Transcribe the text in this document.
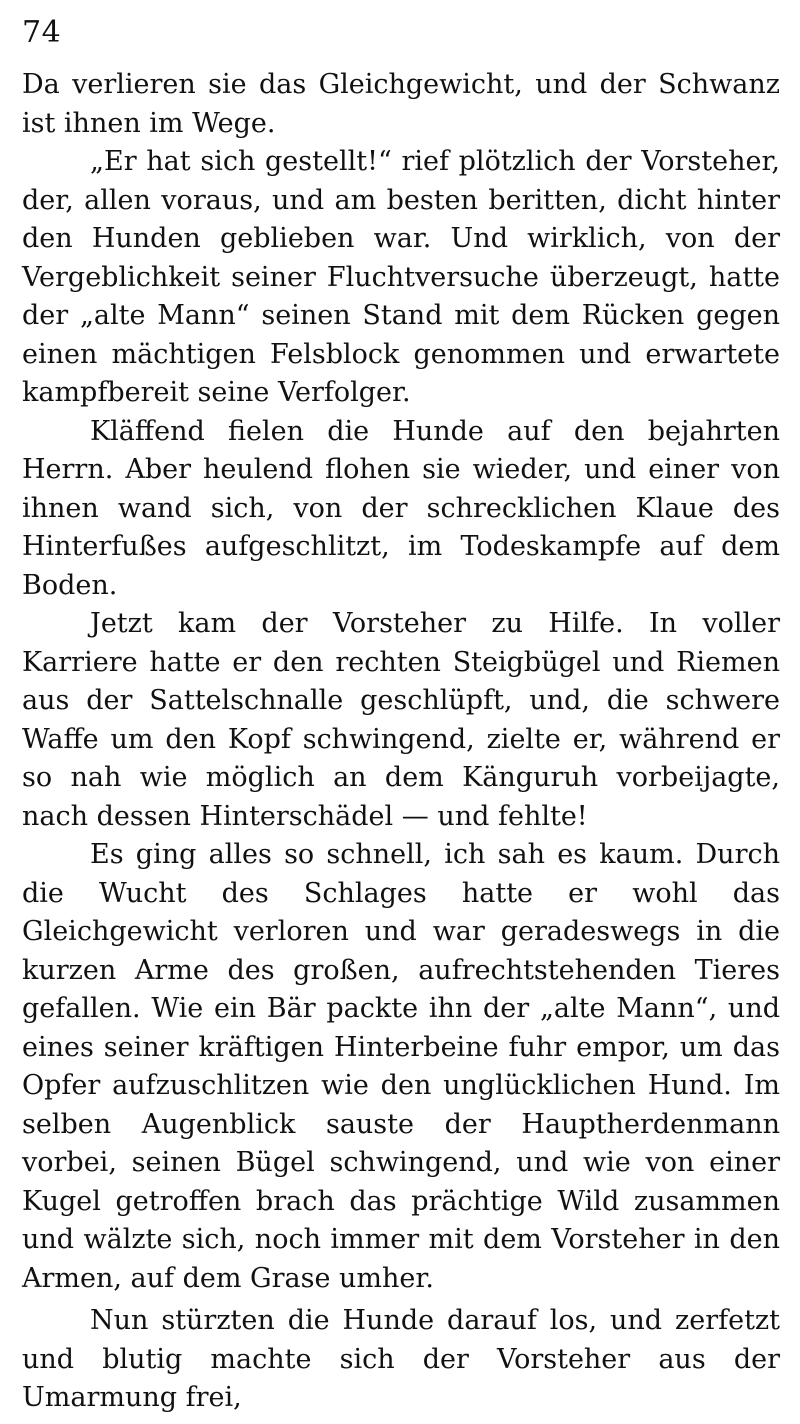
74

Da verlieren sie das Gleichgewicht, und der Schwanz ist ihnen im Wege.

„Er hat sich gestellt!“ rief plötzlich der Vorsteher, der, allen voraus, und am besten beritten, dicht hinter den Hunden geblieben war. Und wirklich, von der Vergeblichkeit seiner Fluchtversuche überzeugt, hatte der „alte Mann“ seinen Stand mit dem Rücken gegen einen mächtigen Felsblock genommen und erwartete kampfbereit seine Verfolger.

Kläffend fielen die Hunde auf den bejahrten Herrn. Aber heulend flohen sie wieder, und einer von ihnen wand sich, von der schrecklichen Klaue des Hinterfußes aufgeschlitzt, im Todeskampfe auf dem Boden.

Jetzt kam der Vorsteher zu Hilfe. In voller Karriere hatte er den rechten Steigbügel und Riemen aus der Sattelschnalle geschlüpft, und, die schwere Waffe um den Kopf schwingend, zielte er, während er so nah wie möglich an dem Känguruh vorbeijagte, nach dessen Hinterschädel — und fehlte!

Es ging alles so schnell, ich sah es kaum. Durch die Wucht des Schlages hatte er wohl das Gleichgewicht verloren und war geradeswegs in die kurzen Arme des großen, aufrechtstehenden Tieres gefallen. Wie ein Bär packte ihn der „alte Mann“, und eines seiner kräftigen Hinterbeine fuhr empor, um das Opfer aufzuschlitzen wie den unglücklichen Hund. Im selben Augenblick sauste der Hauptherdenmann vorbei, seinen Bügel schwingend, und wie von einer Kugel getroffen brach das prächtige Wild zusammen und wälzte sich, noch immer mit dem Vorsteher in den Armen, auf dem Grase umher.

Nun stürzten die Hunde darauf los, und zerfetzt und blutig machte sich der Vorsteher aus der Umarmung frei,
